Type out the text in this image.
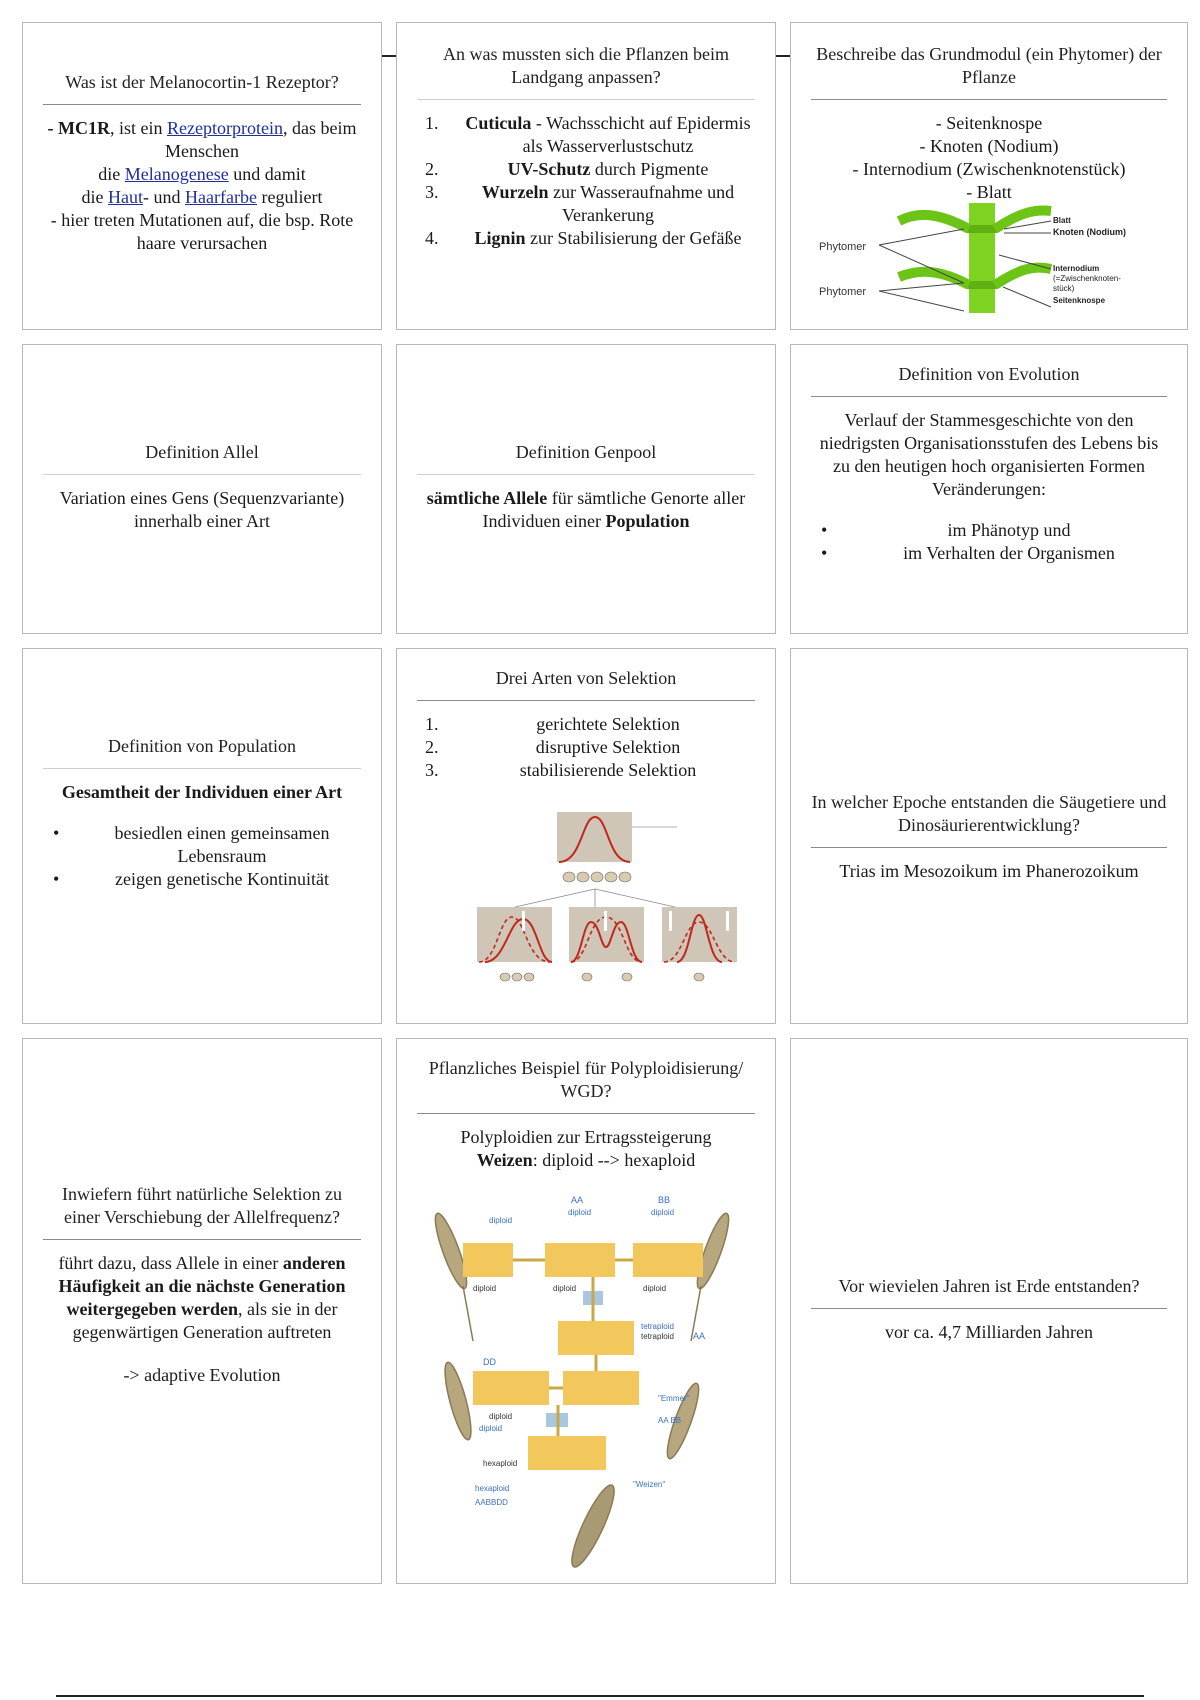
Was ist der Melanocortin-1 Rezeptor?
- MC1R, ist ein Rezeptorprotein, das beim Menschen
die Melanogenese und damit
die Haut- und Haarfarbe reguliert
- hier treten Mutationen auf, die bsp. Rote haare verursachen
An was mussten sich die Pflanzen beim Landgang anpassen?
1. Cuticula - Wachsschicht auf Epidermis als Wasserverlustschutz
2.	UV-Schutz durch Pigmente
3. Wurzeln zur Wasseraufnahme und Verankerung
4. Lignin zur Stabilisierung der Gefäße
Beschreibe das Grundmodul (ein Phytomer) der Pflanze
- Seitenknospe
- Knoten (Nodium)
- Internodium (Zwischenknotenstück)
- Blatt
Phytomer
Phytomer
Blatt
Knoten (Nodium)
Internodium
(=Zwischenknoten-
stück)
Seitenknospe
Definition Allel
Variation eines Gens (Sequenzvariante) innerhalb einer Art
Definition Genpool
sämtliche Allele für sämtliche Genorte aller Individuen einer Population
Definition von Evolution
Verlauf der Stammesgeschichte von den niedrigsten Organisationsstufen des Lebens bis zu den heutigen hoch organisierten Formen Veränderungen:
•	im Phänotyp und
•	im Verhalten der Organismen
Definition von Population
Gesamtheit der Individuen einer Art
•	besiedlen einen gemeinsamen Lebensraum
•	zeigen genetische Kontinuität
Drei Arten von Selektion
1.	gerichtete Selektion
2.	disruptive Selektion
3.	stabilisierende Selektion
In welcher Epoche entstanden die Säugetiere und Dinosäurierentwicklung?
Trias im Mesozoikum im Phanerozoikum
Inwiefern führt natürliche Selektion zu einer Verschiebung der Allelfrequenz?
führt dazu, dass Allele in einer anderen Häufigkeit an die nächste Generation weitergegeben werden, als sie in der gegenwärtigen Generation auftreten
-> adaptive Evolution
Pflanzliches Beispiel für Polyploidisierung/ WGD?
Polyploidien zur Ertragssteigerung
Weizen: diploid --> hexaploid
AA	BB
diploid
diploid	diploid
diploid	diploid	diploid
tetraploid
tetraploid AA
DD
"Emmer"
AA BB
diploid
diploid
hexaploid
hexaploid
AABBDD
"Weizen"
Vor wievielen Jahren ist Erde entstanden?
vor ca. 4,7 Milliarden Jahren
